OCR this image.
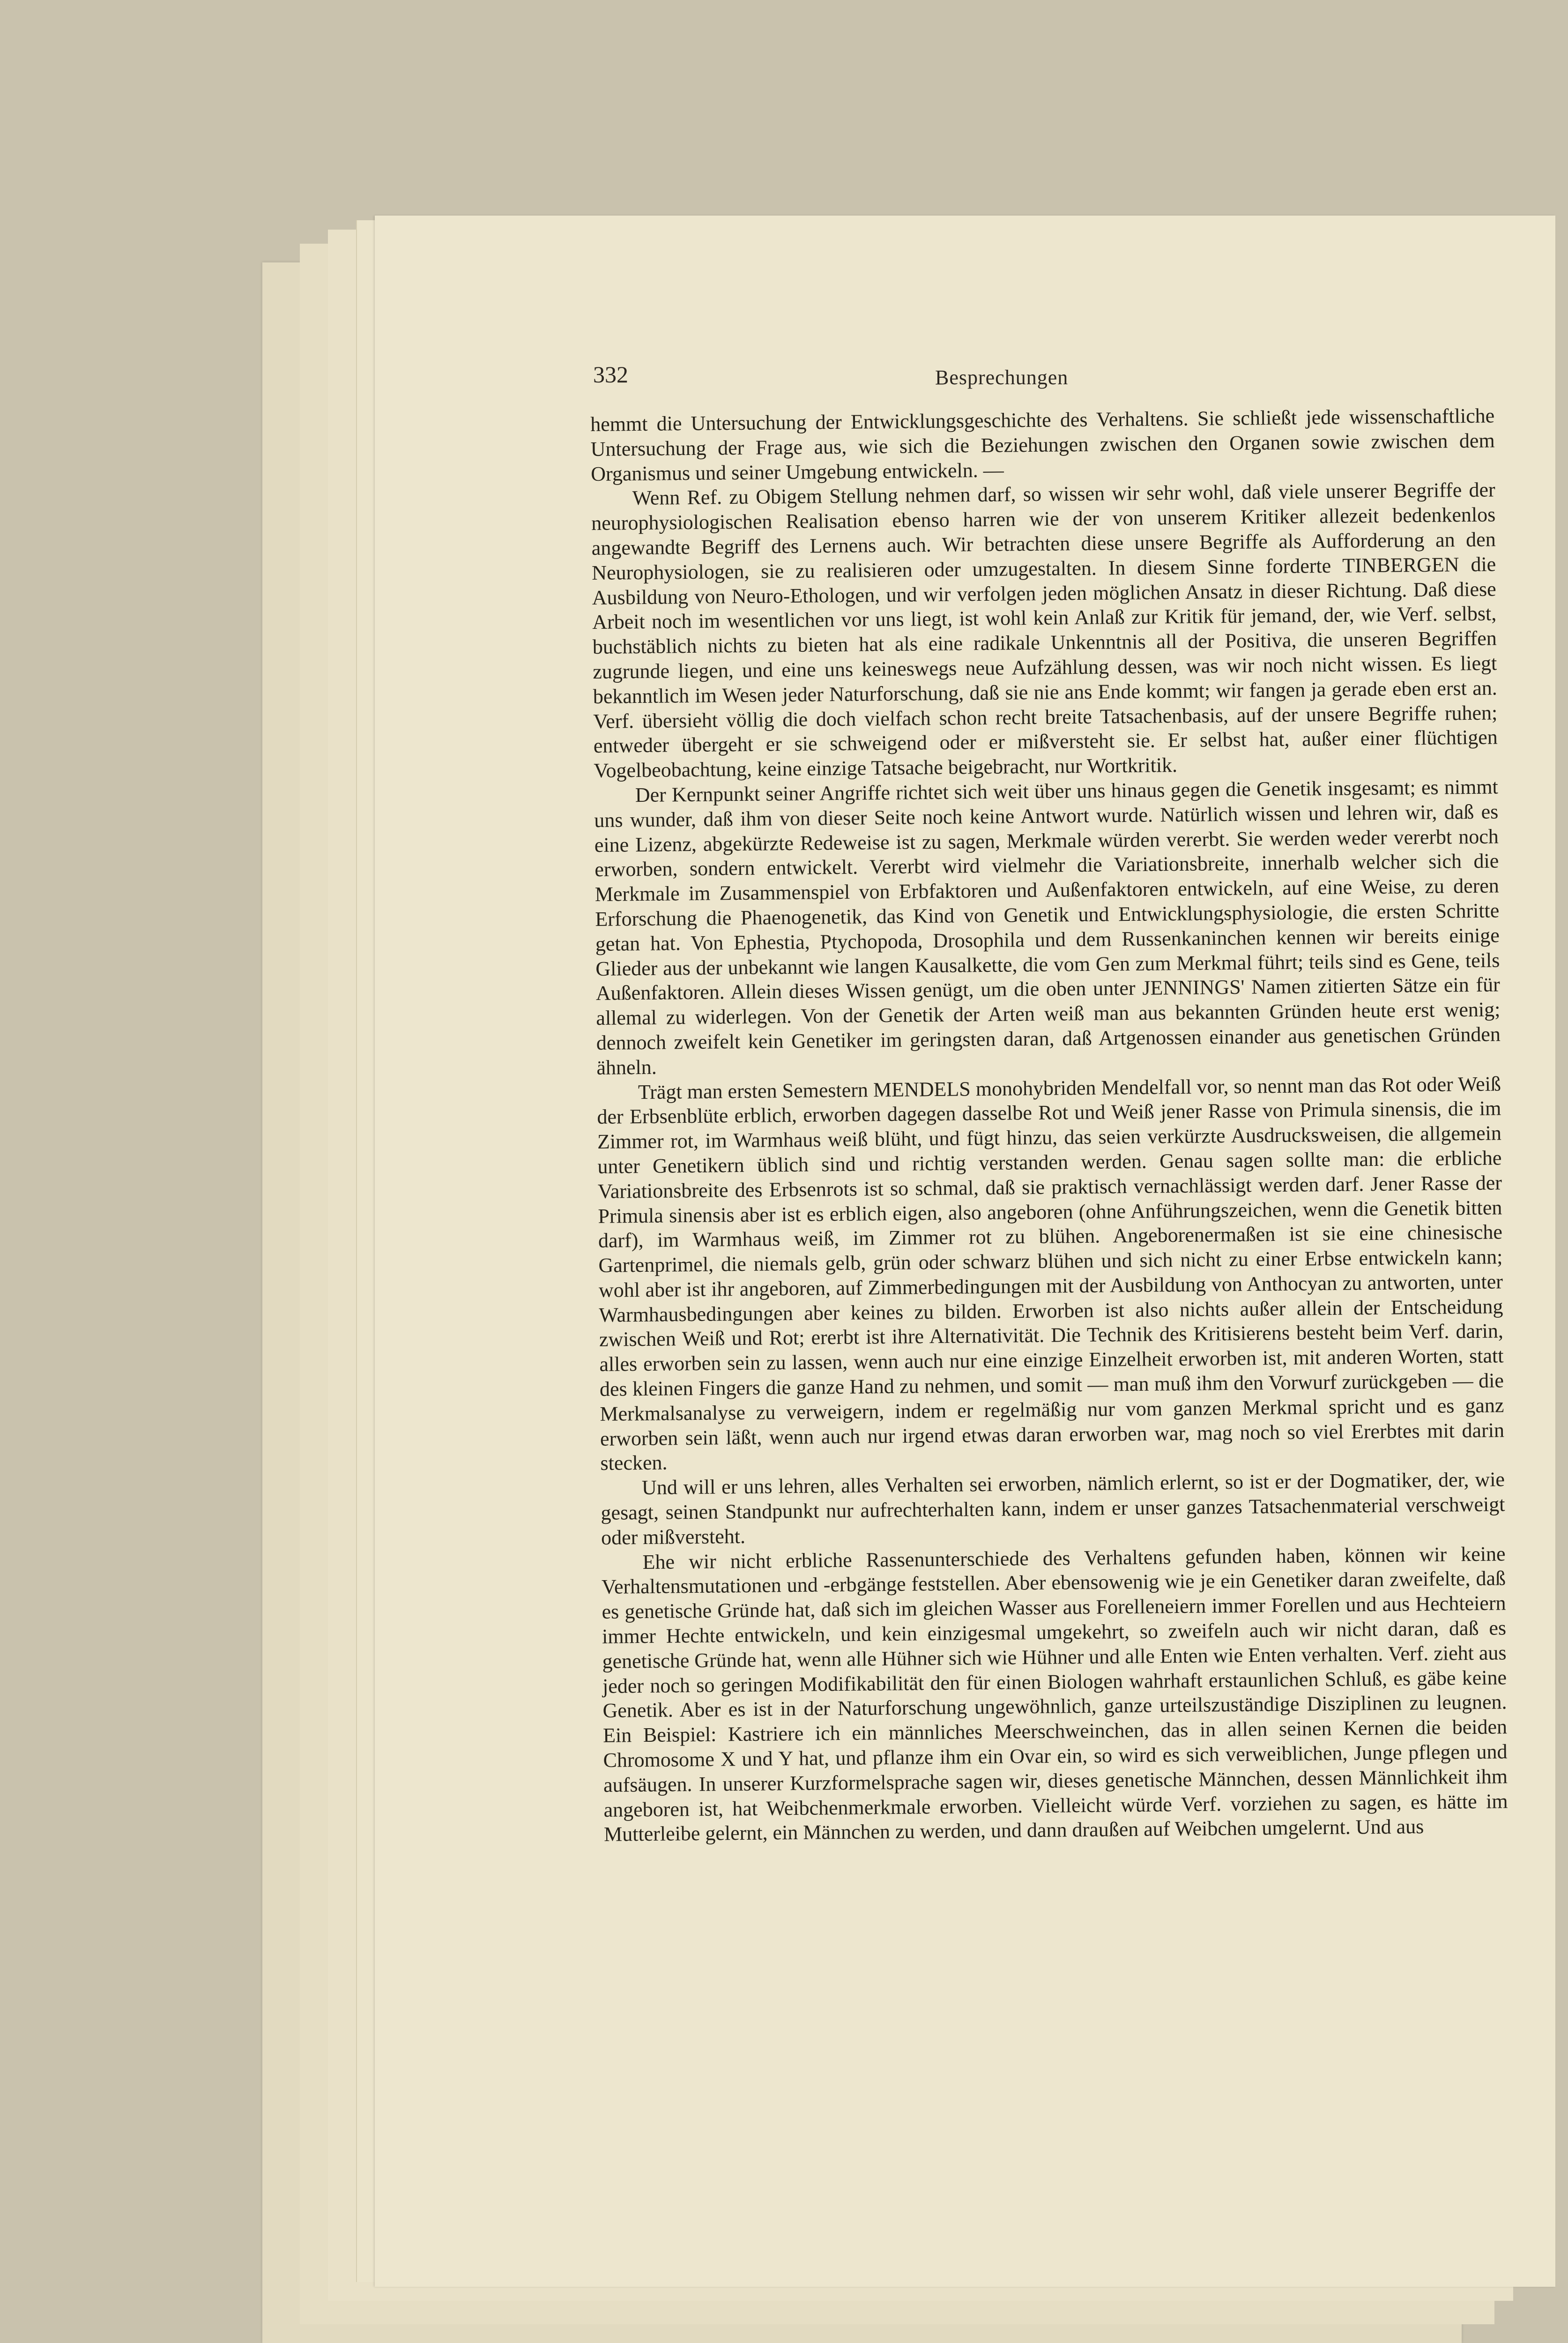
332	Besprechungen

hemmt die Untersuchung der Entwicklungsgeschichte des Verhaltens. Sie schließt jede wissenschaftliche Untersuchung der Frage aus, wie sich die Beziehungen zwischen den Organen sowie zwischen dem Organismus und seiner Umgebung entwickeln. —

Wenn Ref. zu Obigem Stellung nehmen darf, so wissen wir sehr wohl, daß viele unserer Begriffe der neurophysiologischen Realisation ebenso harren wie der von unserem Kritiker allezeit bedenkenlos angewandte Begriff des Lernens auch. Wir betrachten diese unsere Begriffe als Aufforderung an den Neurophysiologen, sie zu realisieren oder umzugestalten. In diesem Sinne forderte TINBERGEN die Ausbildung von Neuro-Ethologen, und wir verfolgen jeden möglichen Ansatz in dieser Richtung. Daß diese Arbeit noch im wesentlichen vor uns liegt, ist wohl kein Anlaß zur Kritik für jemand, der, wie Verf. selbst, buchstäblich nichts zu bieten hat als eine radikale Unkenntnis all der Positiva, die unseren Begriffen zugrunde liegen, und eine uns keineswegs neue Aufzählung dessen, was wir noch nicht wissen. Es liegt bekanntlich im Wesen jeder Naturforschung, daß sie nie ans Ende kommt; wir fangen ja gerade eben erst an. Verf. übersieht völlig die doch vielfach schon recht breite Tatsachenbasis, auf der unsere Begriffe ruhen; entweder übergeht er sie schweigend oder er mißversteht sie. Er selbst hat, außer einer flüchtigen Vogelbeobachtung, keine einzige Tatsache beigebracht, nur Wortkritik.

Der Kernpunkt seiner Angriffe richtet sich weit über uns hinaus gegen die Genetik insgesamt; es nimmt uns wunder, daß ihm von dieser Seite noch keine Antwort wurde. Natürlich wissen und lehren wir, daß es eine Lizenz, abgekürzte Redeweise ist zu sagen, Merkmale würden vererbt. Sie werden weder vererbt noch erworben, sondern entwickelt. Vererbt wird vielmehr die Variationsbreite, innerhalb welcher sich die Merkmale im Zusammenspiel von Erbfaktoren und Außenfaktoren entwickeln, auf eine Weise, zu deren Erforschung die Phaenogenetik, das Kind von Genetik und Entwicklungsphysiologie, die ersten Schritte getan hat. Von Ephestia, Ptychopoda, Drosophila und dem Russenkaninchen kennen wir bereits einige Glieder aus der unbekannt wie langen Kausalkette, die vom Gen zum Merkmal führt; teils sind es Gene, teils Außenfaktoren. Allein dieses Wissen genügt, um die oben unter JENNINGS' Namen zitierten Sätze ein für allemal zu widerlegen. Von der Genetik der Arten weiß man aus bekannten Gründen heute erst wenig; dennoch zweifelt kein Genetiker im geringsten daran, daß Artgenossen einander aus genetischen Gründen ähneln.

Trägt man ersten Semestern MENDELS monohybriden Mendelfall vor, so nennt man das Rot oder Weiß der Erbsenblüte erblich, erworben dagegen dasselbe Rot und Weiß jener Rasse von Primula sinensis, die im Zimmer rot, im Warmhaus weiß blüht, und fügt hinzu, das seien verkürzte Ausdrucksweisen, die allgemein unter Genetikern üblich sind und richtig verstanden werden. Genau sagen sollte man: die erbliche Variationsbreite des Erbsenrots ist so schmal, daß sie praktisch vernachlässigt werden darf. Jener Rasse der Primula sinensis aber ist es erblich eigen, also angeboren (ohne Anführungszeichen, wenn die Genetik bitten darf), im Warmhaus weiß, im Zimmer rot zu blühen. Angeborenermaßen ist sie eine chinesische Gartenprimel, die niemals gelb, grün oder schwarz blühen und sich nicht zu einer Erbse entwickeln kann; wohl aber ist ihr angeboren, auf Zimmerbedingungen mit der Ausbildung von Anthocyan zu antworten, unter Warmhausbedingungen aber keines zu bilden. Erworben ist also nichts außer allein der Entscheidung zwischen Weiß und Rot; ererbt ist ihre Alternativität. Die Technik des Kritisierens besteht beim Verf. darin, alles erworben sein zu lassen, wenn auch nur eine einzige Einzelheit erworben ist, mit anderen Worten, statt des kleinen Fingers die ganze Hand zu nehmen, und somit — man muß ihm den Vorwurf zurückgeben — die Merkmalsanalyse zu verweigern, indem er regelmäßig nur vom ganzen Merkmal spricht und es ganz erworben sein läßt, wenn auch nur irgend etwas daran erworben war, mag noch so viel Ererbtes mit darin stecken.

Und will er uns lehren, alles Verhalten sei erworben, nämlich erlernt, so ist er der Dogmatiker, der, wie gesagt, seinen Standpunkt nur aufrechterhalten kann, indem er unser ganzes Tatsachenmaterial verschweigt oder mißversteht.

Ehe wir nicht erbliche Rassenunterschiede des Verhaltens gefunden haben, können wir keine Verhaltensmutationen und -erbgänge feststellen. Aber ebensowenig wie je ein Genetiker daran zweifelte, daß es genetische Gründe hat, daß sich im gleichen Wasser aus Forelleneiern immer Forellen und aus Hechteiern immer Hechte entwickeln, und kein einzigesmal umgekehrt, so zweifeln auch wir nicht daran, daß es genetische Gründe hat, wenn alle Hühner sich wie Hühner und alle Enten wie Enten verhalten. Verf. zieht aus jeder noch so geringen Modifikabilität den für einen Biologen wahrhaft erstaunlichen Schluß, es gäbe keine Genetik. Aber es ist in der Naturforschung ungewöhnlich, ganze urteilszuständige Disziplinen zu leugnen. Ein Beispiel: Kastriere ich ein männliches Meerschweinchen, das in allen seinen Kernen die beiden Chromosome X und Y hat, und pflanze ihm ein Ovar ein, so wird es sich verweiblichen, Junge pflegen und aufsäugen. In unserer Kurzformelsprache sagen wir, dieses genetische Männchen, dessen Männlichkeit ihm angeboren ist, hat Weibchenmerkmale erworben. Vielleicht würde Verf. vorziehen zu sagen, es hätte im Mutterleibe gelernt, ein Männchen zu werden, und dann draußen auf Weibchen umgelernt. Und aus
